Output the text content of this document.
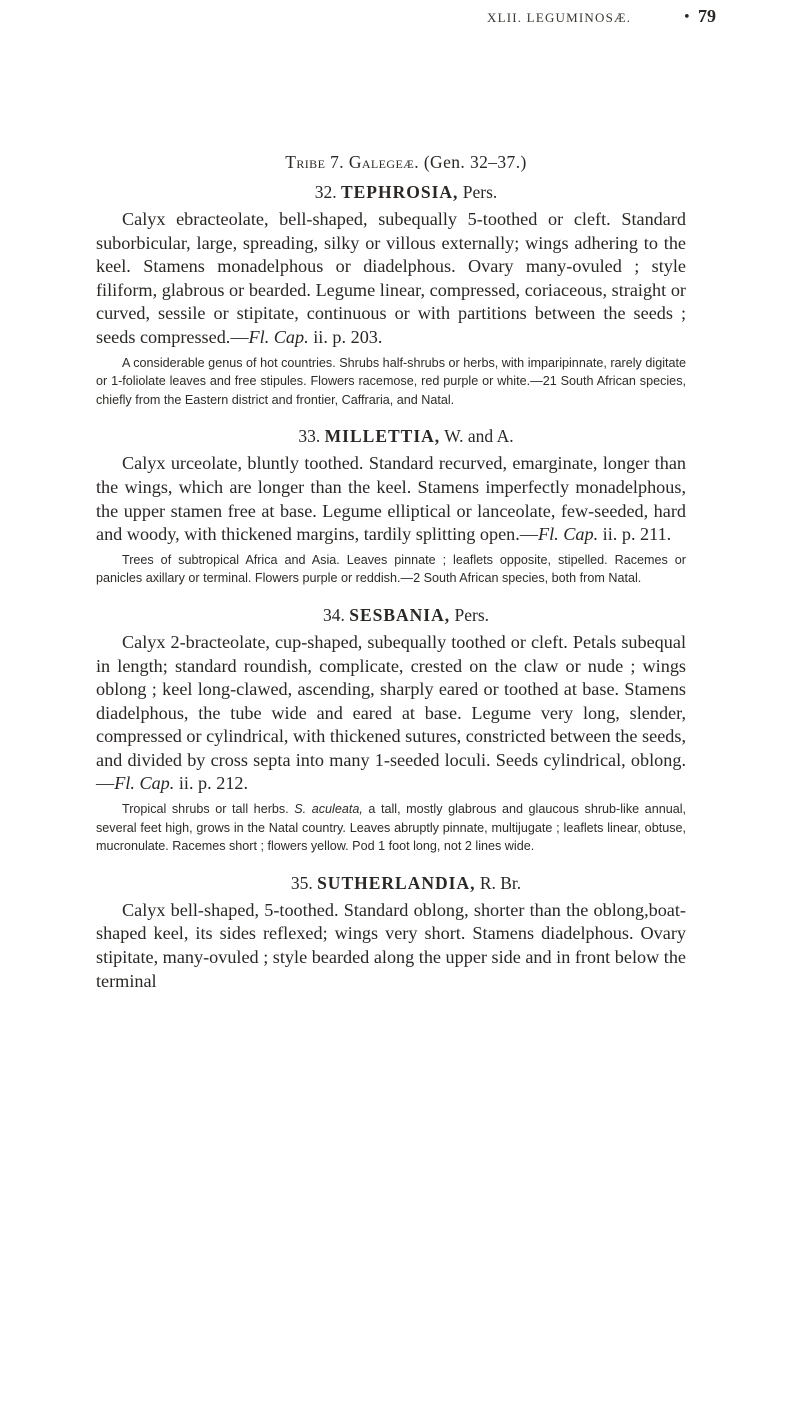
XLII. LEGUMINOSÆ.	• 79
Tribe 7. Galegeæ. (Gen. 32–37.)
32. TEPHROSIA, Pers.

Calyx ebracteolate, bell-shaped, subequally 5-toothed or cleft. Standard suborbicular, large, spreading, silky or villous externally; wings adhering to the keel. Stamens monadelphous or diadelphous. Ovary many-ovuled ; style filiform, glabrous or bearded. Legume linear, compressed, coriaceous, straight or curved, sessile or stipitate, continuous or with partitions between the seeds ; seeds compressed.—Fl. Cap. ii. p. 203.

A considerable genus of hot countries. Shrubs half-shrubs or herbs, with imparipinnate, rarely digitate or 1-foliolate leaves and free stipules. Flowers racemose, red purple or white.—21 South African species, chiefly from the Eastern district and frontier, Caffraria, and Natal.

33. MILLETTIA, W. and A.

Calyx urceolate, bluntly toothed. Standard recurved, emarginate, longer than the wings, which are longer than the keel. Stamens imperfectly monadelphous, the upper stamen free at base. Legume elliptical or lanceolate, few-seeded, hard and woody, with thickened margins, tardily splitting open.—Fl. Cap. ii. p. 211.

Trees of subtropical Africa and Asia. Leaves pinnate ; leaflets opposite, stipelled. Racemes or panicles axillary or terminal. Flowers purple or reddish.—2 South African species, both from Natal.

34. SESBANIA, Pers.

Calyx 2-bracteolate, cup-shaped, subequally toothed or cleft. Petals subequal in length; standard roundish, complicate, crested on the claw or nude ; wings oblong ; keel long-clawed, ascending, sharply eared or toothed at base. Stamens diadelphous, the tube wide and eared at base. Legume very long, slender, compressed or cylindrical, with thickened sutures, constricted between the seeds, and divided by cross septa into many 1-seeded loculi. Seeds cylindrical, oblong.—Fl. Cap. ii. p. 212.

Tropical shrubs or tall herbs. S. aculeata, a tall, mostly glabrous and glaucous shrub-like annual, several feet high, grows in the Natal country. Leaves abruptly pinnate, multijugate ; leaflets linear, obtuse, mucronulate. Racemes short ; flowers yellow. Pod 1 foot long, not 2 lines wide.

35. SUTHERLANDIA, R. Br.

Calyx bell-shaped, 5-toothed. Standard oblong, shorter than the oblong,boat-shaped keel, its sides reflexed; wings very short. Stamens diadelphous. Ovary stipitate, many-ovuled ; style bearded along the upper side and in front below the terminal
